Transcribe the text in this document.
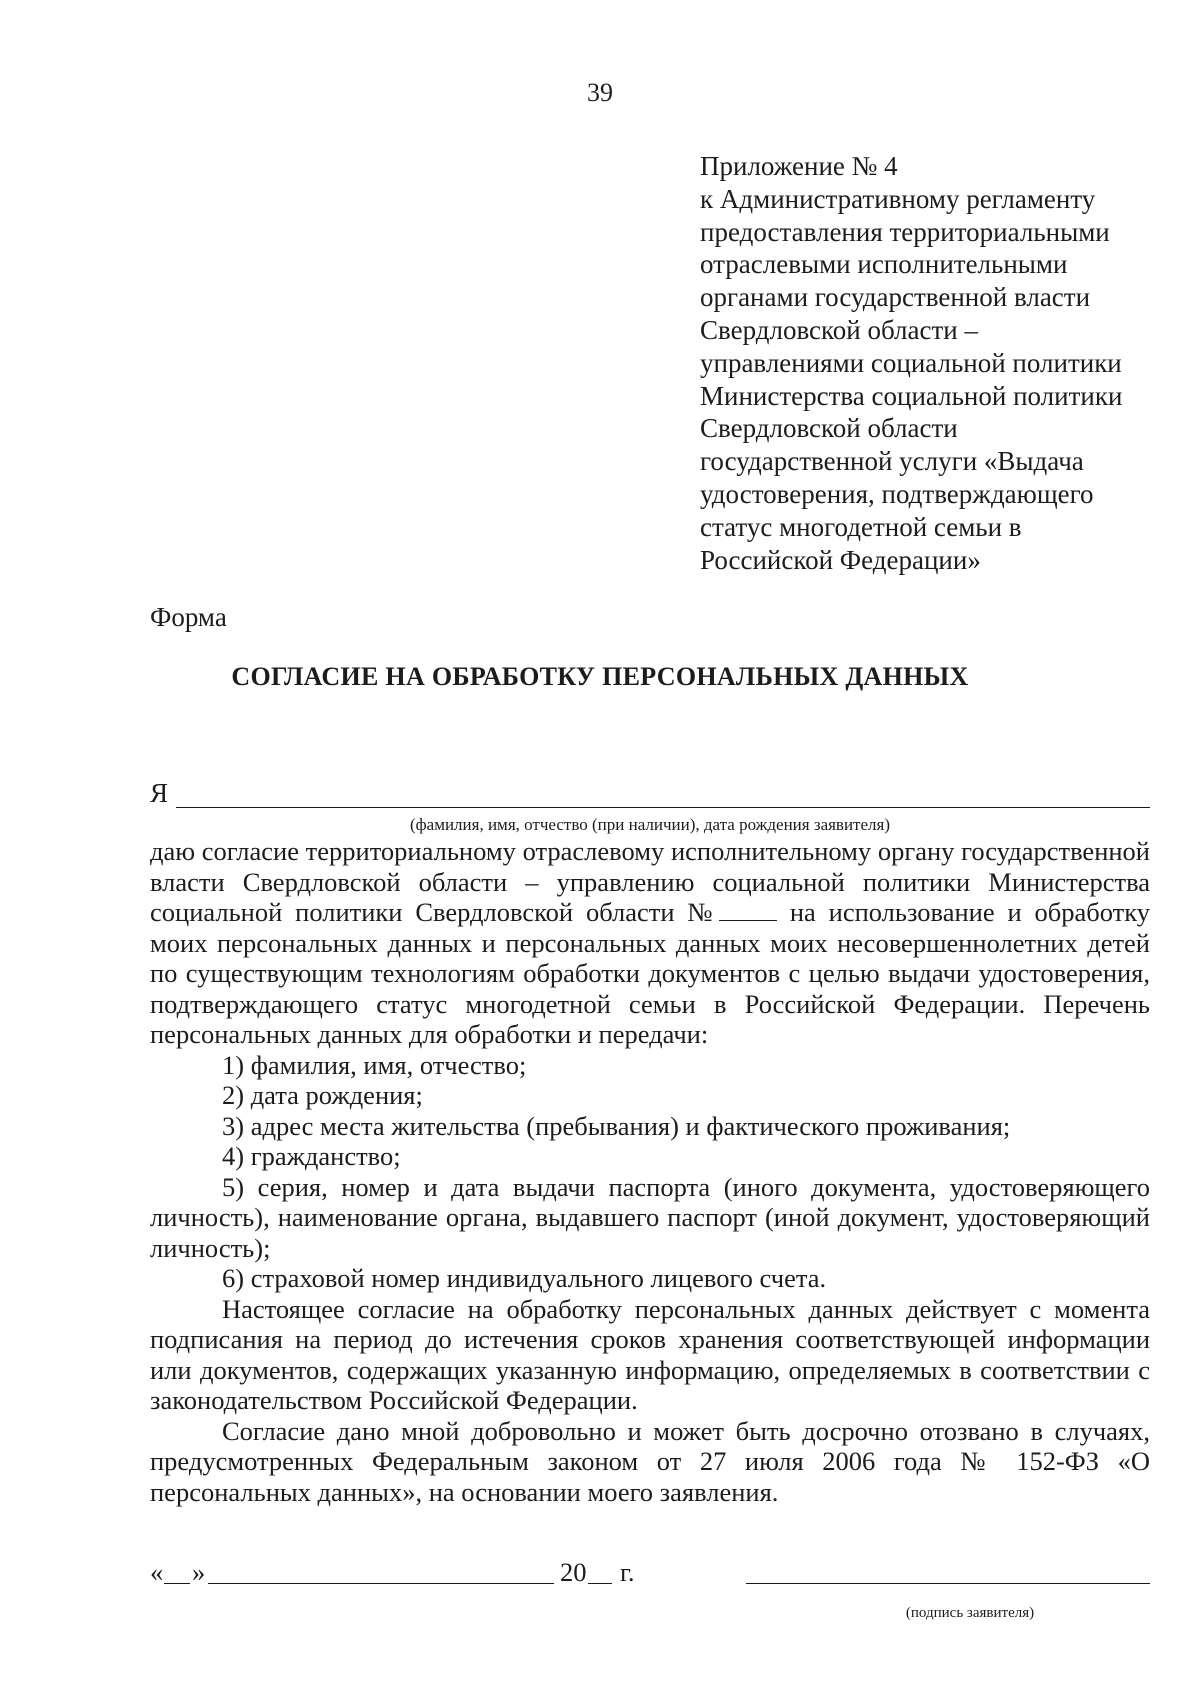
39
Приложение № 4
к Административному регламенту
предоставления территориальными
отраслевыми исполнительными
органами государственной власти
Свердловской области –
управлениями социальной политики
Министерства социальной политики
Свердловской области
государственной услуги «Выдача
удостоверения, подтверждающего
статус многодетной семьи в
Российской Федерации»
Форма
СОГЛАСИЕ НА ОБРАБОТКУ ПЕРСОНАЛЬНЫХ ДАННЫХ
Я
(фамилия, имя, отчество (при наличии), дата рождения заявителя)

даю согласие территориальному отраслевому исполнительному органу государственной власти Свердловской области – управлению социальной политики Министерства социальной политики Свердловской области № на использование и обработку моих персональных данных и персональных данных моих несовершеннолетних детей по существующим технологиям обработки документов с целью выдачи удостоверения, подтверждающего статус многодетной семьи в Российской Федерации. Перечень персональных данных для обработки и передачи:

1) фамилия, имя, отчество;

2) дата рождения;

3) адрес места жительства (пребывания) и фактического проживания;

4) гражданство;

5) серия, номер и дата выдачи паспорта (иного документа, удостоверяющего личность), наименование органа, выдавшего паспорт (иной документ, удостоверяющий личность);

6) страховой номер индивидуального лицевого счета.

Настоящее согласие на обработку персональных данных действует с момента подписания на период до истечения сроков хранения соответствующей информации или документов, содержащих указанную информацию, определяемых в соответствии с законодательством Российской Федерации.

Согласие дано мной добровольно и может быть досрочно отозвано в случаях, предусмотренных Федеральным законом от 27 июля 2006 года № 152-ФЗ «О персональных данных», на основании моего заявления.

« »	20 г.
(подпись заявителя)
